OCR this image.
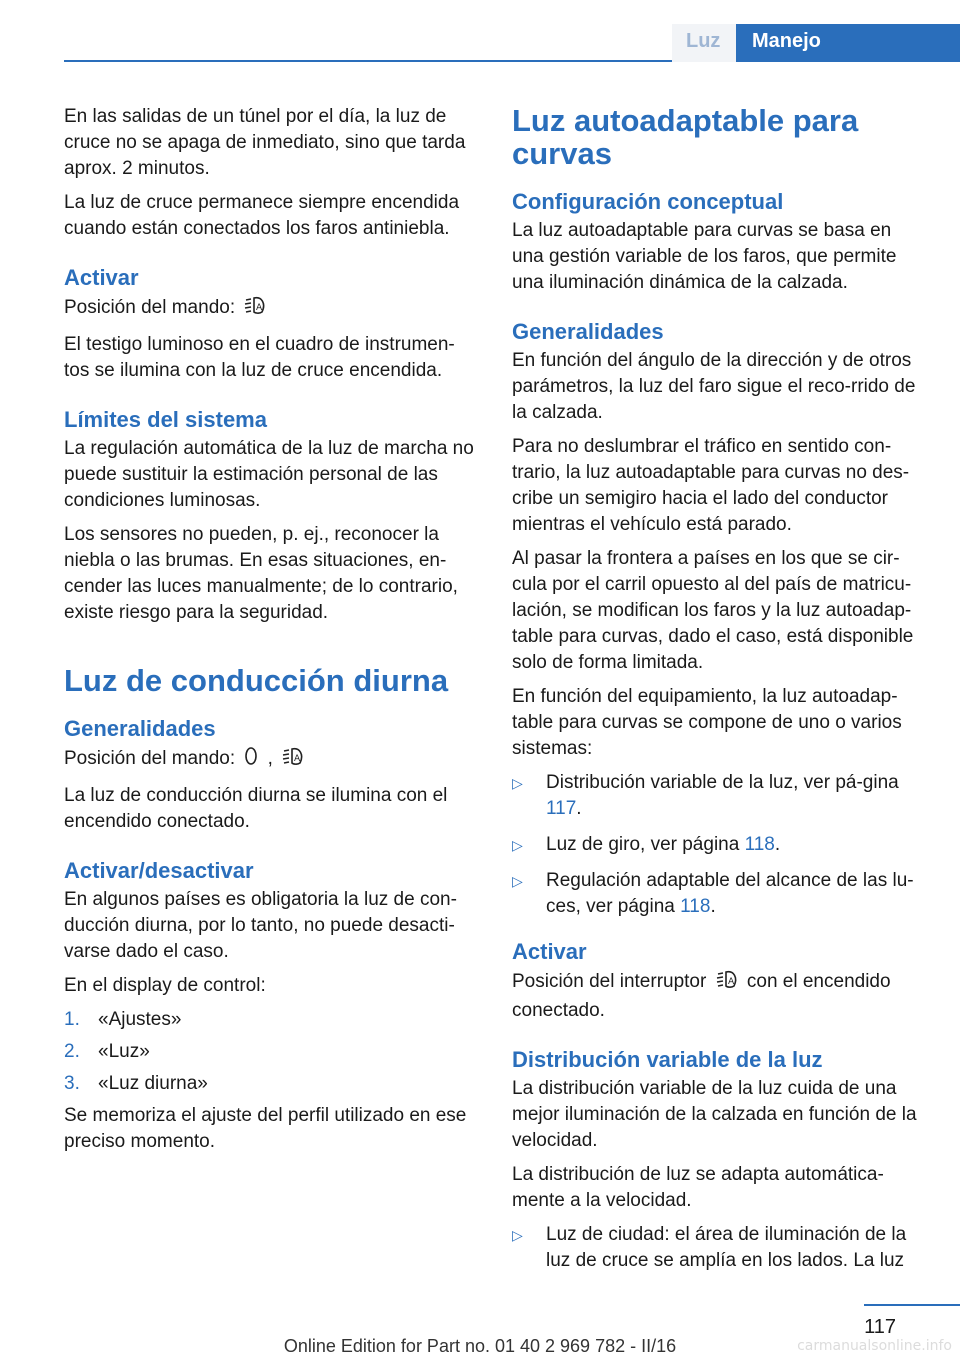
Luz Manejo

En las salidas de un túnel por el día, la luz de cruce no se apaga de inmediato, sino que tarda aprox. 2 minutos.

La luz de cruce permanece siempre encendida cuando están conectados los faros antiniebla.

Activar

Posición del mando: A

El testigo luminoso en el cuadro de instrumen‐tos se ilumina con la luz de cruce encendida.

Límites del sistema

La regulación automática de la luz de marcha no puede sustituir la estimación personal de las condiciones luminosas.

Los sensores no pueden, p. ej., reconocer la niebla o las brumas. En esas situaciones, en‐cender las luces manualmente; de lo contrario, existe riesgo para la seguridad.

Luz de conducción diurna
Generalidades

Posición del mando: , A

La luz de conducción diurna se ilumina con el encendido conectado.

Activar/desactivar

En algunos países es obligatoria la luz de con‐ducción diurna, por lo tanto, no puede desacti‐varse dado el caso.

En el display de control:

1. «Ajustes»
2. «Luz»
3. «Luz diurna»

Se memoriza el ajuste del perfil utilizado en ese preciso momento.

Luz autoadaptable para curvas
Configuración conceptual

La luz autoadaptable para curvas se basa en una gestión variable de los faros, que permite una iluminación dinámica de la calzada.

Generalidades

En función del ángulo de la dirección y de otros parámetros, la luz del faro sigue el reco‐rrido de la calzada.

Para no deslumbrar el tráfico en sentido con‐trario, la luz autoadaptable para curvas no des‐cribe un semigiro hacia el lado del conductor mientras el vehículo está parado.

Al pasar la frontera a países en los que se cir‐cula por el carril opuesto al del país de matricu‐lación, se modifican los faros y la luz autoadap‐table para curvas, dado el caso, está disponible solo de forma limitada.

En función del equipamiento, la luz autoadap‐table para curvas se compone de uno o varios sistemas:

▷ Distribución variable de la luz, ver pá‐gina 117.
▷ Luz de giro, ver página 118.
▷ Regulación adaptable del alcance de las lu‐ces, ver página 118.
Activar

Posición del interruptor A con el encendido conectado.

Distribución variable de la luz

La distribución variable de la luz cuida de una mejor iluminación de la calzada en función de la velocidad.

La distribución de luz se adapta automática‐mente a la velocidad.

▷ Luz de ciudad: el área de iluminación de la luz de cruce se amplía en los lados. La luz
117
Online Edition for Part no. 01 40 2 969 782 - II/16	carmanualsonline.info
